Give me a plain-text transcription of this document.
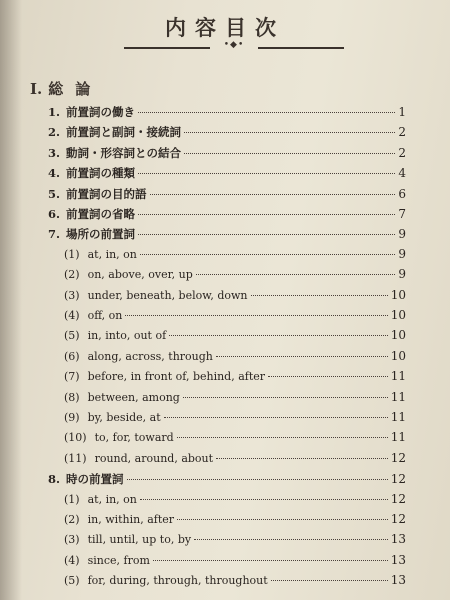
内容目次
•◆•
I. 総論
1. 前置詞の働き	1
2. 前置詞と副詞・接続詞	2
3. 動詞・形容詞との結合	2
4. 前置詞の種類	4
5. 前置詞の目的語	6
6. 前置詞の省略	7
7. 場所の前置詞	9
(1) at, in, on	9
(2) on, above, over, up	9
(3) under, beneath, below, down	10
(4) off, on	10
(5) in, into, out of	10
(6) along, across, through	10
(7) before, in front of, behind, after	11
(8) between, among	11
(9) by, beside, at	11
(10) to, for, toward	11
(11) round, around, about	12
8. 時の前置詞	12
(1) at, in, on	12
(2) in, within, after	12
(3) till, until, up to, by	13
(4) since, from	13
(5) for, during, through, throughout	13
